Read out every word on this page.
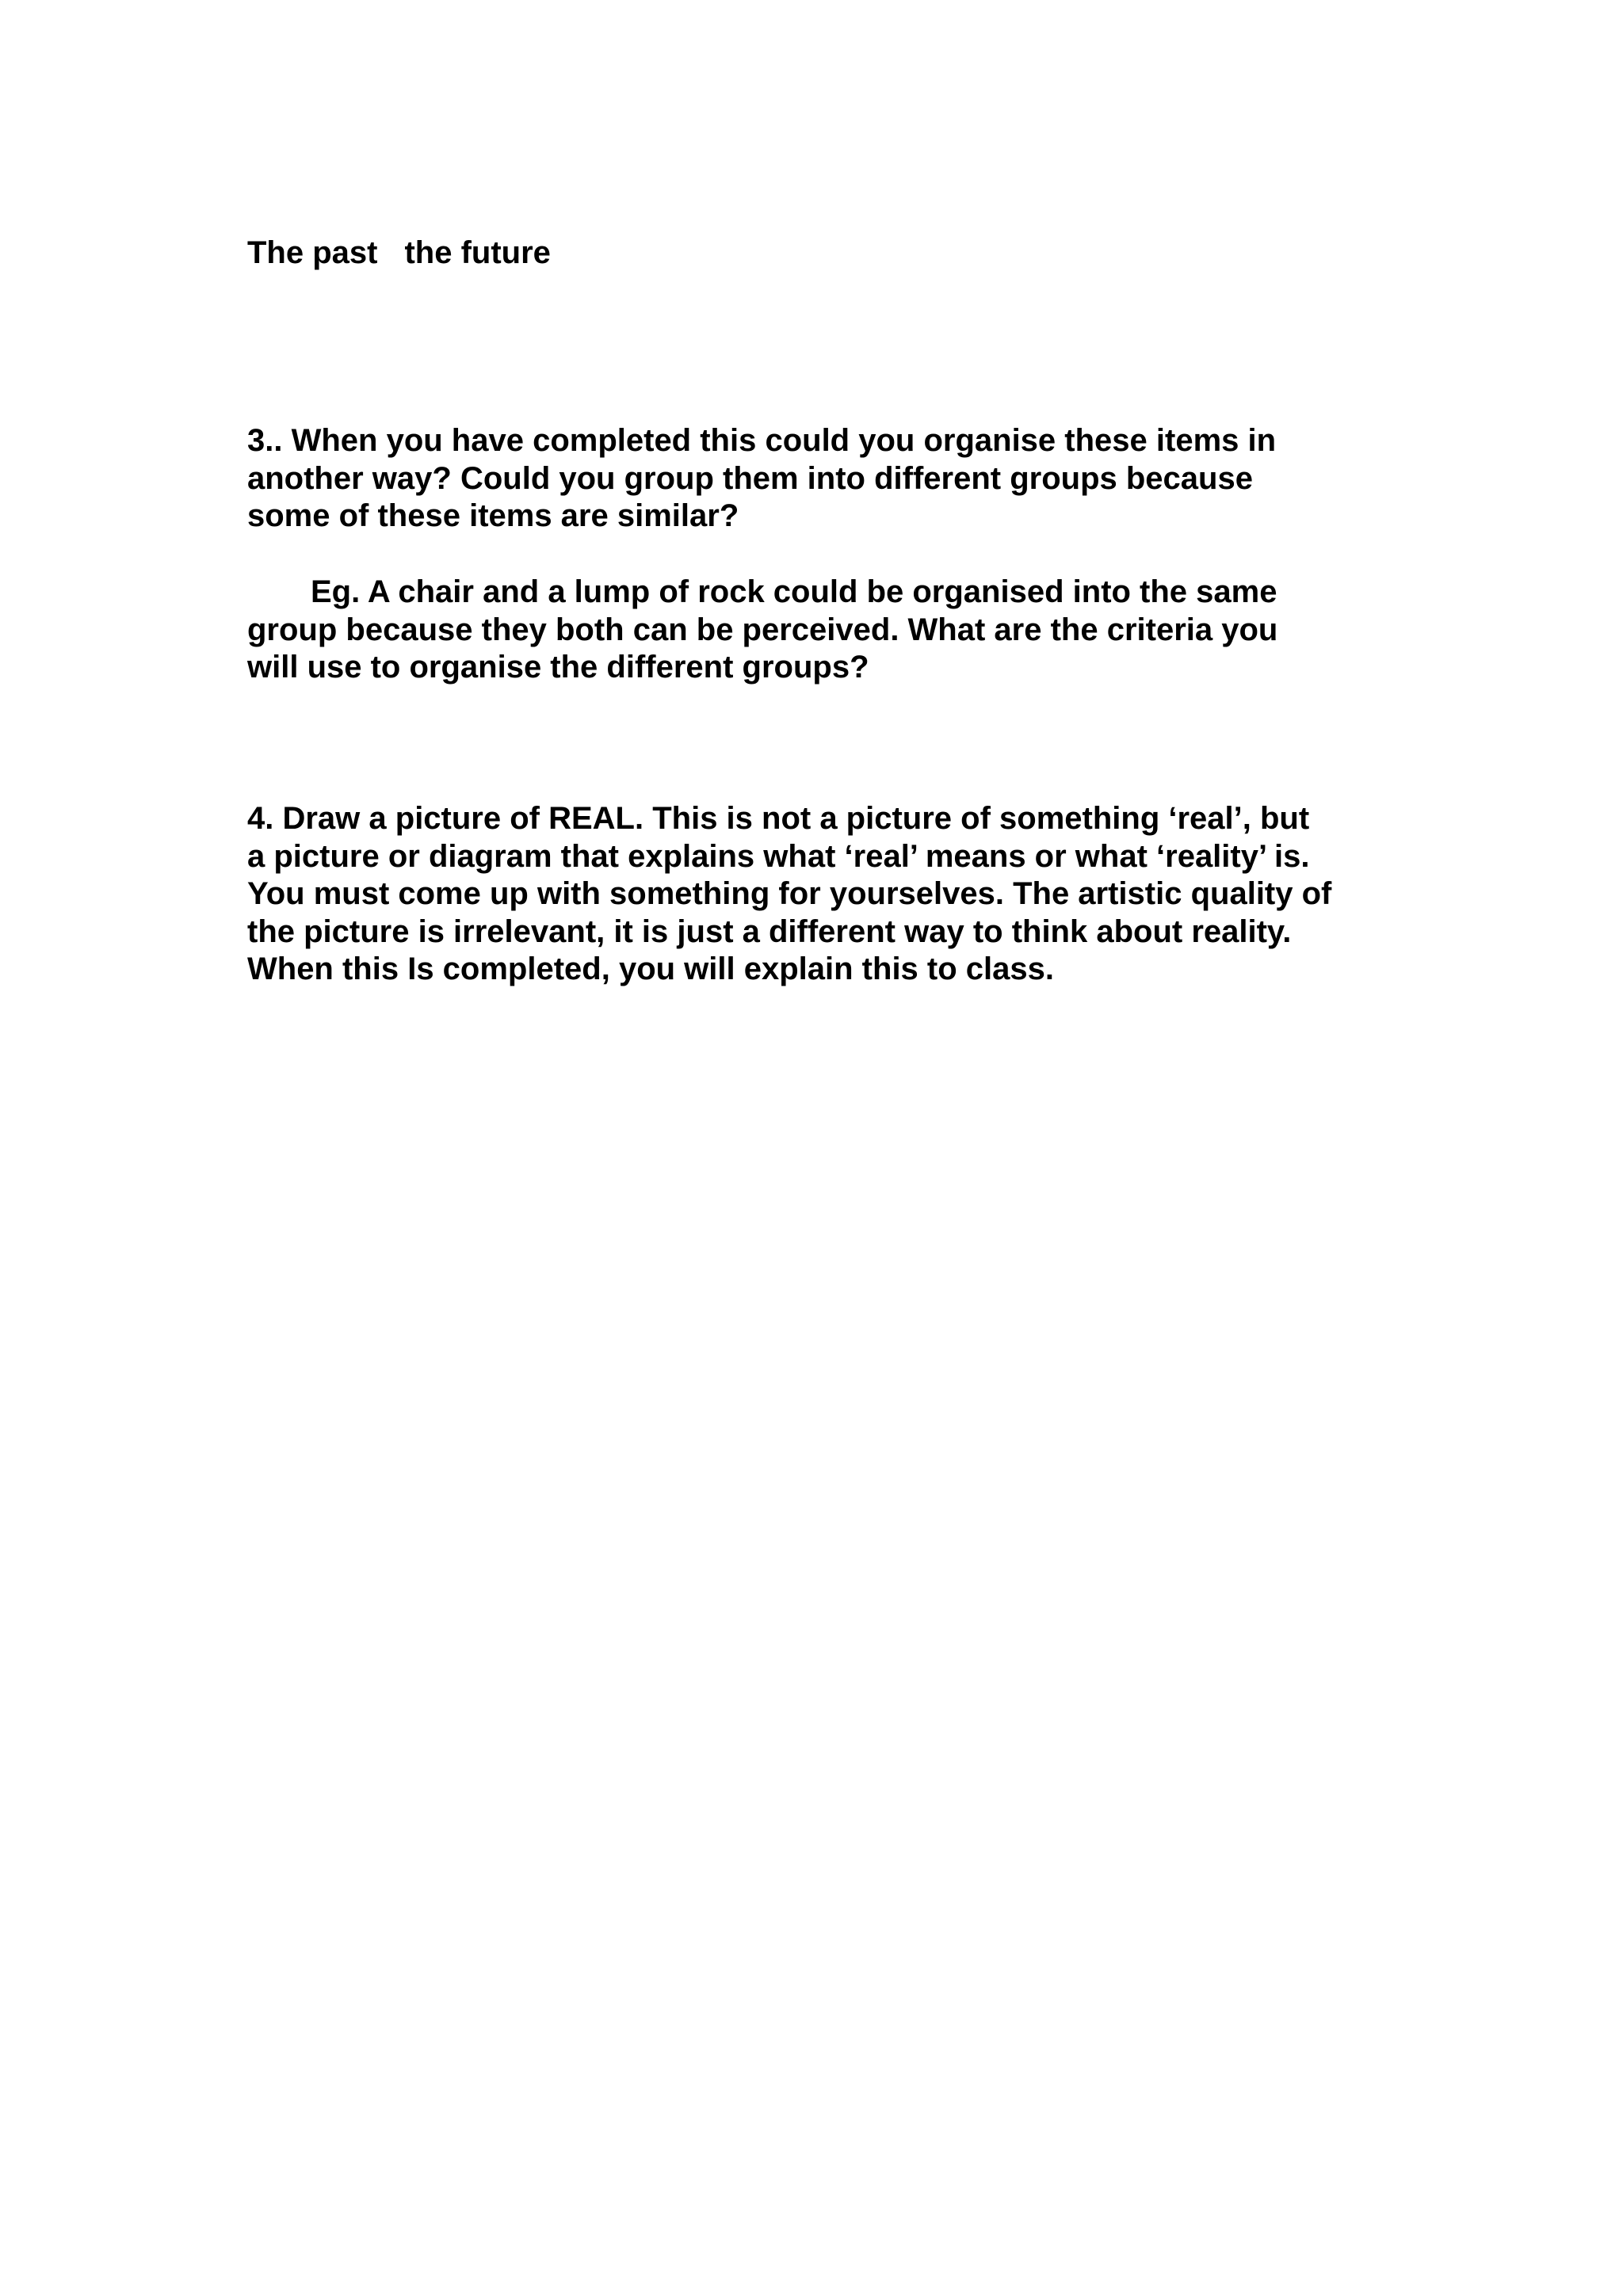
The past the future
3.. When you have completed this could you organise these items in
another way? Could you group them into different groups because
some of these items are similar?
Eg. A chair and a lump of rock could be organised into the same
group because they both can be perceived. What are the criteria you
will use to organise the different groups?
4. Draw a picture of REAL. This is not a picture of something ‘real’, but
a picture or diagram that explains what ‘real’ means or what ‘reality’ is.
You must come up with something for yourselves. The artistic quality of
the picture is irrelevant, it is just a different way to think about reality.
When this Is completed, you will explain this to class.
